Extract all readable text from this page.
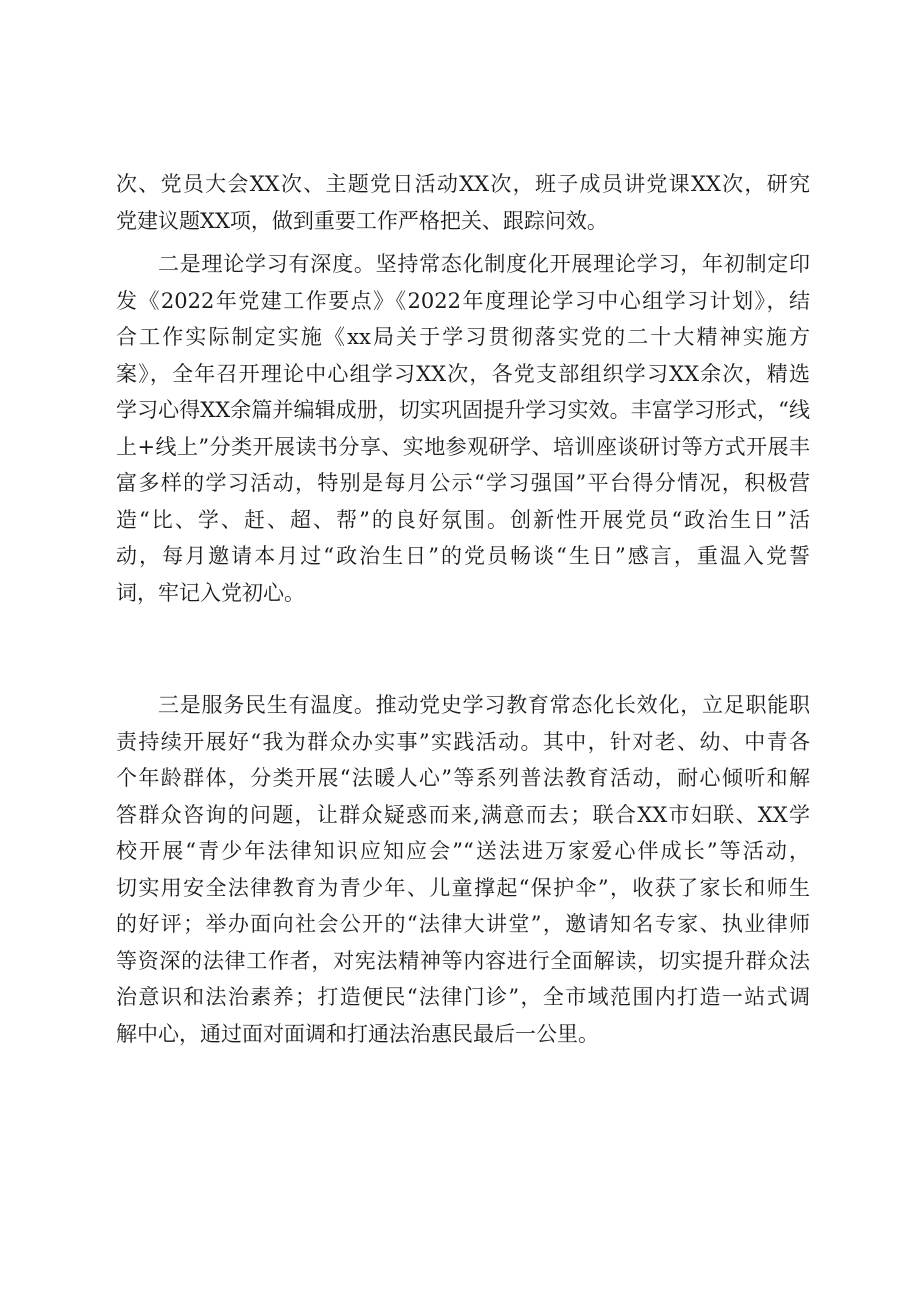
次、党员大会XX次、主题党日活动XX次，班子成员讲党课XX次，研究
党建议题XX项，做到重要工作严格把关、跟踪问效。
二是理论学习有深度。坚持常态化制度化开展理论学习，年初制定印
发《2022年党建工作要点》《2022年度理论学习中心组学习计划》，结
合工作实际制定实施《xx局关于学习贯彻落实党的二十大精神实施方
案》，全年召开理论中心组学习XX次，各党支部组织学习XX余次，精选
学习心得XX余篇并编辑成册，切实巩固提升学习实效。丰富学习形式，“线
上+线上”分类开展读书分享、实地参观研学、培训座谈研讨等方式开展丰
富多样的学习活动，特别是每月公示“学习强国”平台得分情况，积极营
造“比、学、赶、超、帮”的良好氛围。创新性开展党员“政治生日”活
动，每月邀请本月过“政治生日”的党员畅谈“生日”感言，重温入党誓
词，牢记入党初心。
三是服务民生有温度。推动党史学习教育常态化长效化，立足职能职
责持续开展好“我为群众办实事”实践活动。其中，针对老、幼、中青各
个年龄群体，分类开展“法暖人心”等系列普法教育活动，耐心倾听和解
答群众咨询的问题，让群众疑惑而来,满意而去；联合XX市妇联、XX学
校开展“青少年法律知识应知应会”“送法进万家爱心伴成长”等活动，
切实用安全法律教育为青少年、儿童撑起“保护伞”，收获了家长和师生
的好评；举办面向社会公开的“法律大讲堂”，邀请知名专家、执业律师
等资深的法律工作者，对宪法精神等内容进行全面解读，切实提升群众法
治意识和法治素养；打造便民“法律门诊”，全市域范围内打造一站式调
解中心，通过面对面调和打通法治惠民最后一公里。
